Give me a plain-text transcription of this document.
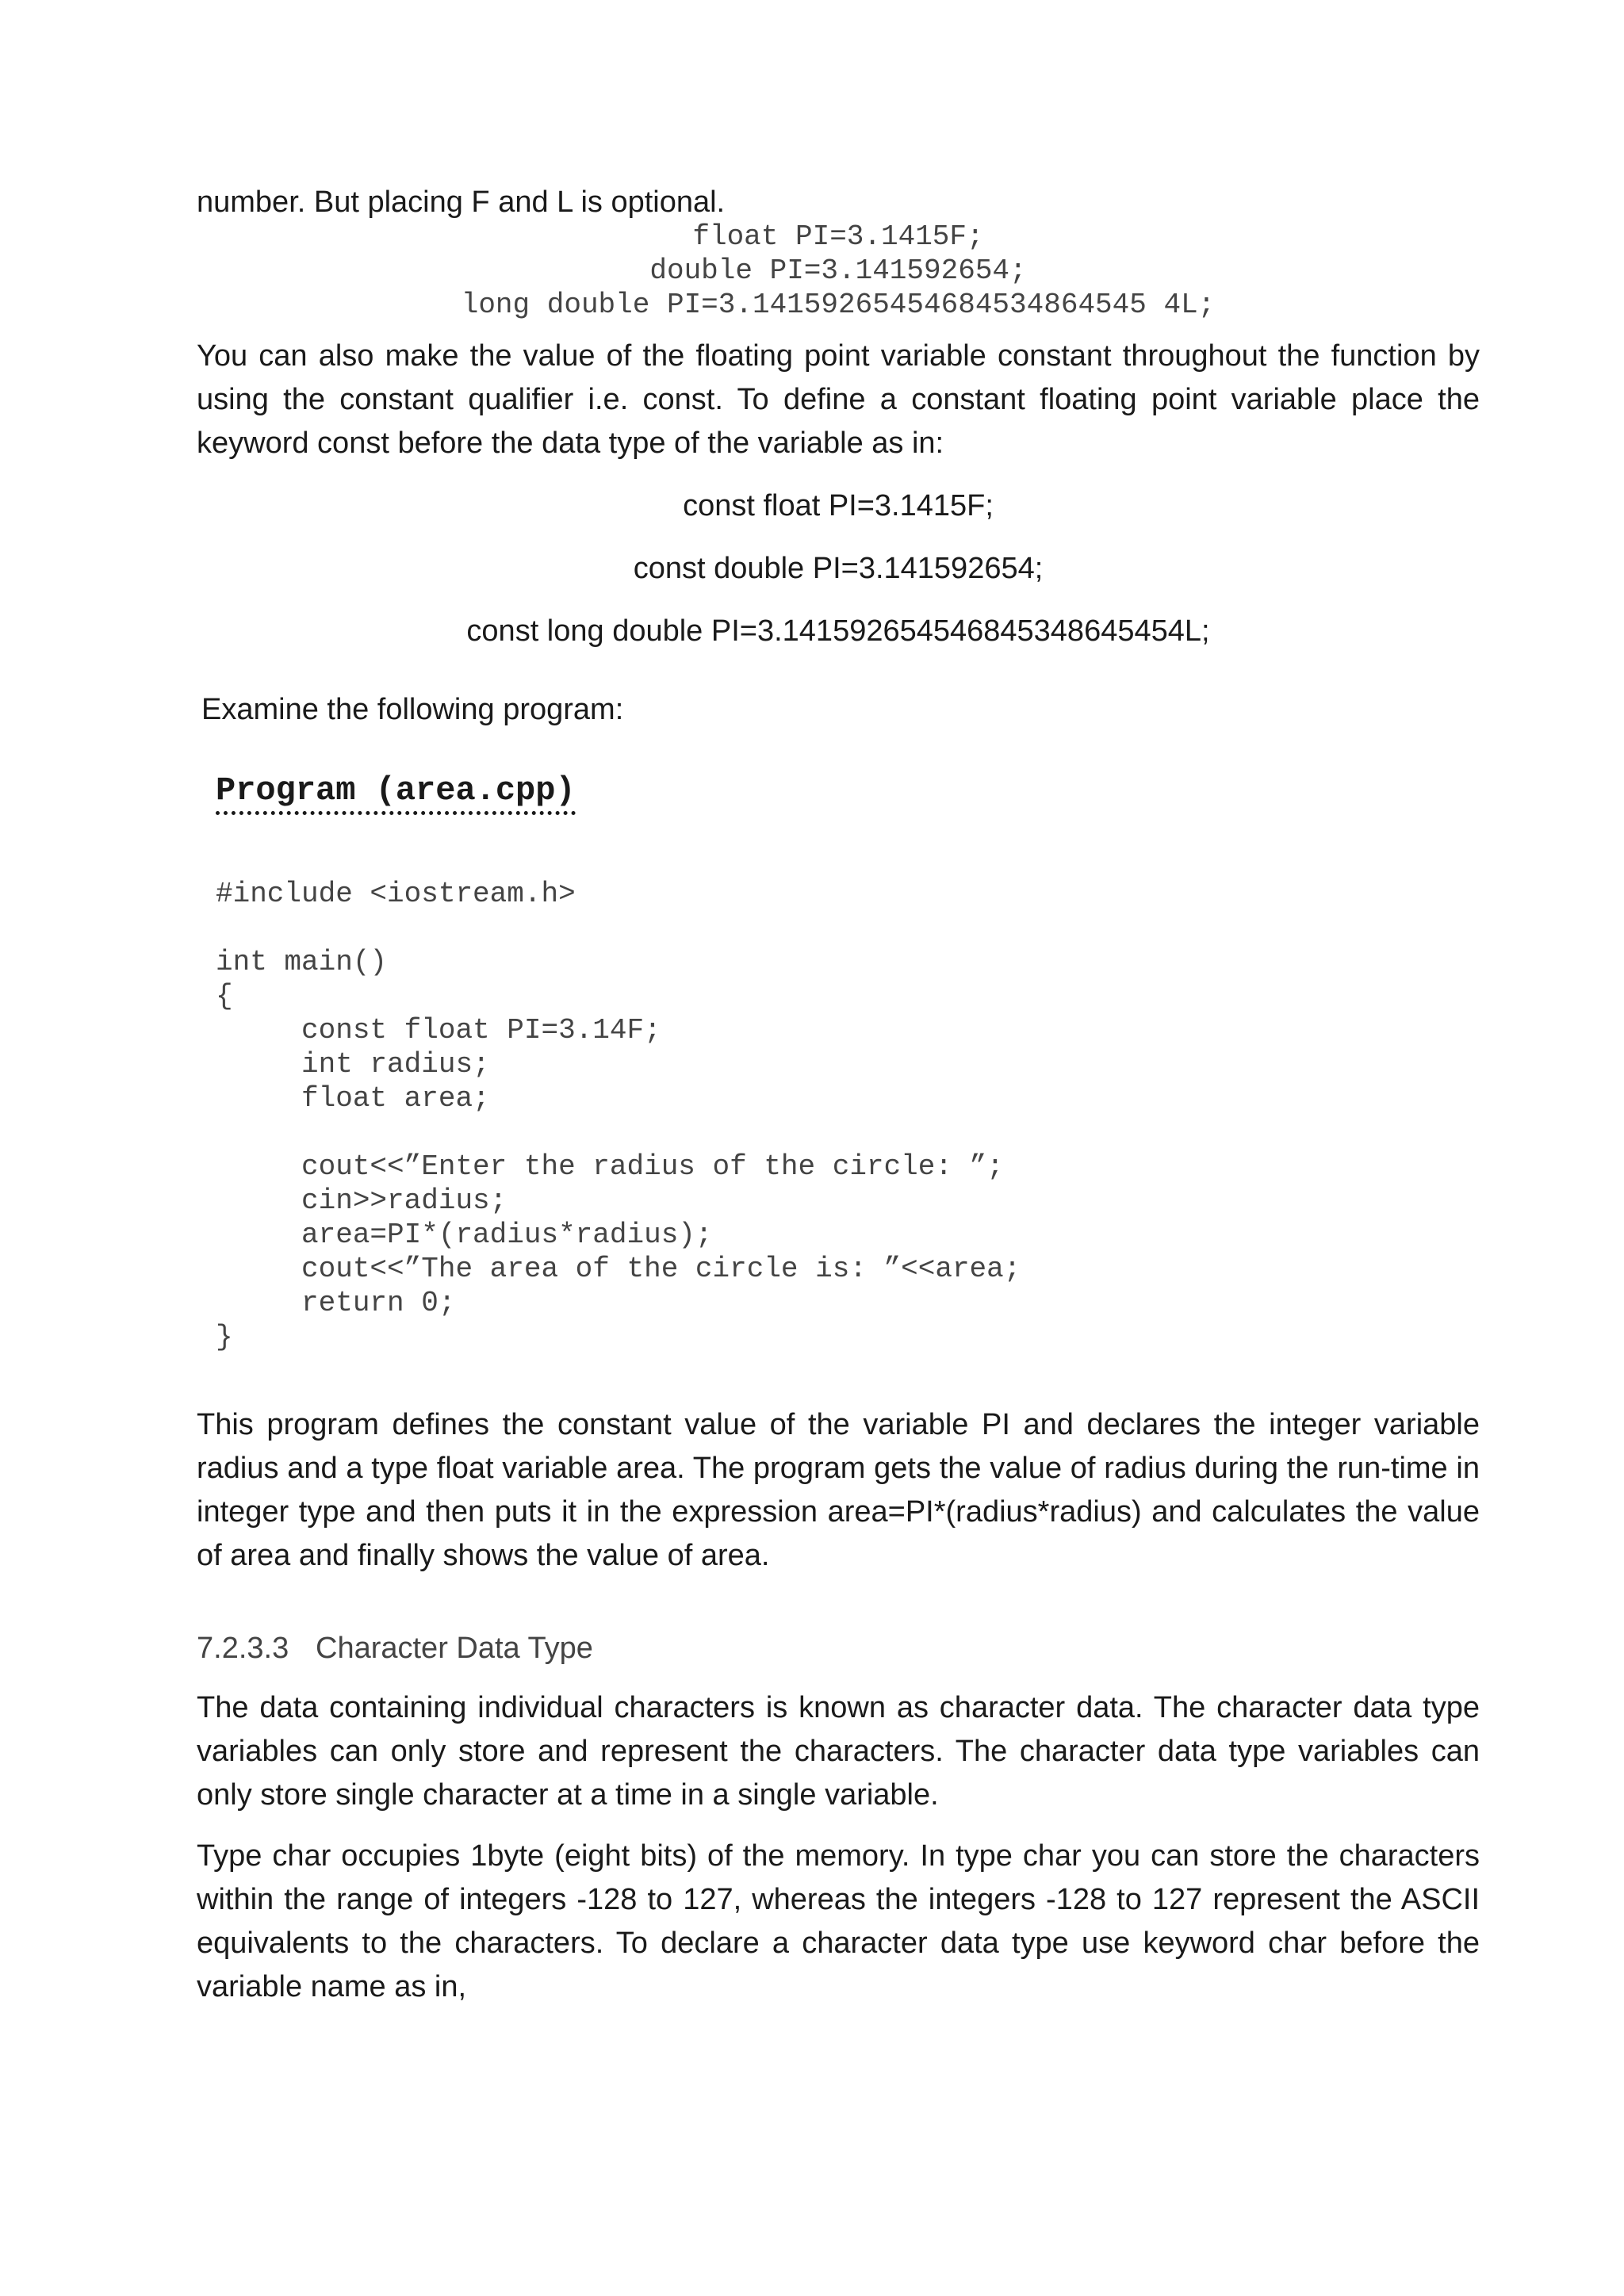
number. But placing F and L is optional.

float PI=3.1415F;

double PI=3.141592654;

long double PI=3.14159265454684534864545 4L;

You can also make the value of the floating point variable constant throughout the function by using the constant qualifier i.e. const. To define a constant floating point variable place the keyword const before the data type of the variable as in:

const float PI=3.1415F;

const double PI=3.141592654;

const long double PI=3.141592654546845348645454L;

Examine the following program:

Program (area.cpp)

#include <iostream.h>

int main()

{

const float PI=3.14F;

int radius;

float area;

cout<<”Enter the radius of the circle: ”;

cin>>radius;

area=PI*(radius*radius);

cout<<”The area of the circle is: ”<<area;

return 0;

}

This program defines the constant value of the variable PI and declares the integer variable radius and a type float variable area. The program gets the value of radius during the run-time in integer type and then puts it in the expression area=PI*(radius*radius) and calculates the value of area and finally shows the value of area.

7.2.3.3 Character Data Type

The data containing individual characters is known as character data. The character data type variables can only store and represent the characters. The character data type variables can only store single character at a time in a single variable.

Type char occupies 1byte (eight bits) of the memory. In type char you can store the characters within the range of integers -128 to 127, whereas the integers -128 to 127 represent the ASCII equivalents to the characters. To declare a character data type use keyword char before the variable name as in,
